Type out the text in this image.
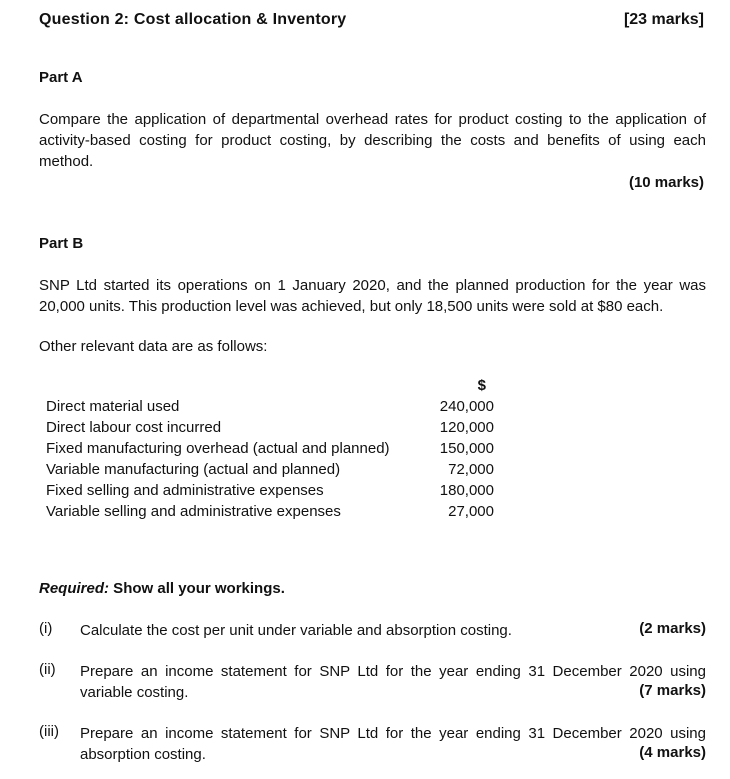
Question 2: Cost allocation & Inventory	[23 marks]
Part A
Compare the application of departmental overhead rates for product costing to the application of activity-based costing for product costing, by describing the costs and benefits of using each method.
(10 marks)
Part B
SNP Ltd started its operations on 1 January 2020, and the planned production for the year was 20,000 units. This production level was achieved, but only 18,500 units were sold at $80 each.
Other relevant data are as follows:
$
Direct material used	240,000
Direct labour cost incurred	120,000
Fixed manufacturing overhead (actual and planned)	150,000
Variable manufacturing (actual and planned)	72,000
Fixed selling and administrative expenses	180,000
Variable selling and administrative expenses	27,000
Required: Show all your workings.
(i) Calculate the cost per unit under variable and absorption costing.	(2 marks)
(ii) Prepare an income statement for SNP Ltd for the year ending 31 December 2020 using variable costing.	(7 marks)
(iii) Prepare an income statement for SNP Ltd for the year ending 31 December 2020 using absorption costing.	(4 marks)
